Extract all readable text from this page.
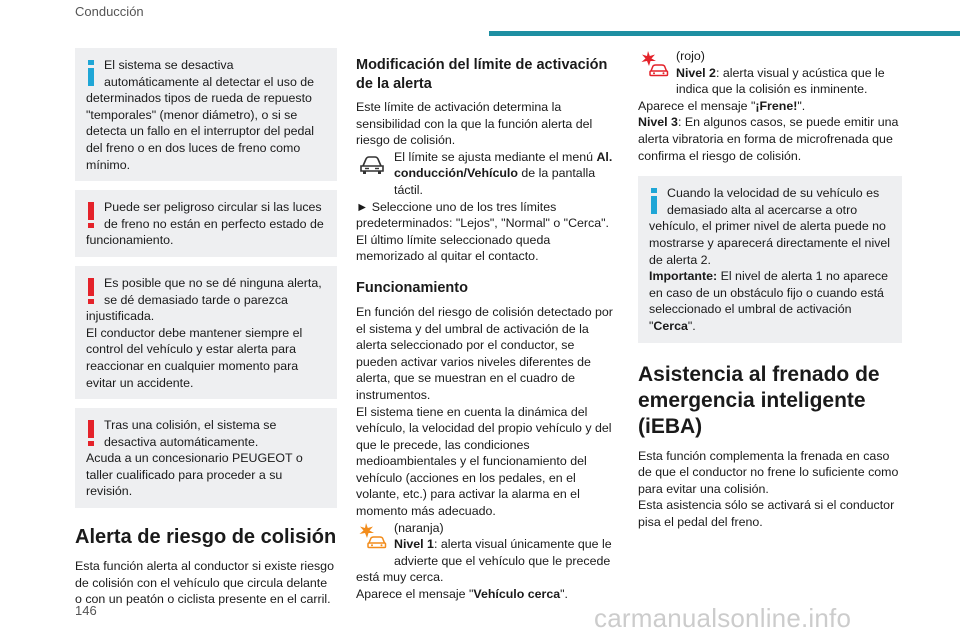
Conducción

El sistema se desactiva automáticamente al detectar el uso de determinados tipos de rueda de repuesto "temporales" (menor diámetro), o si se detecta un fallo en el interruptor del pedal del freno o en dos luces de freno como mínimo.

Puede ser peligroso circular si las luces de freno no están en perfecto estado de funcionamiento.

Es posible que no se dé ninguna alerta, se dé demasiado tarde o parezca injustificada.

El conductor debe mantener siempre el control del vehículo y estar alerta para reaccionar en cualquier momento para evitar un accidente.

Tras una colisión, el sistema se desactiva automáticamente.

Acuda a un concesionario PEUGEOT o taller cualificado para proceder a su revisión.

Alerta de riesgo de colisión

Esta función alerta al conductor si existe riesgo de colisión con el vehículo que circula delante o con un peatón o ciclista presente en el carril.

Modificación del límite de activación de la alerta

Este límite de activación determina la sensibilidad con la que la función alerta del riesgo de colisión.

El límite se ajusta mediante el menú Al. conducción/Vehículo de la pantalla táctil.

► Seleccione uno de los tres límites predeterminados: "Lejos", "Normal" o "Cerca".

El último límite seleccionado queda memorizado al quitar el contacto.

Funcionamiento

En función del riesgo de colisión detectado por el sistema y del umbral de activación de la alerta seleccionado por el conductor, se pueden activar varios niveles diferentes de alerta, que se muestran en el cuadro de instrumentos.

El sistema tiene en cuenta la dinámica del vehículo, la velocidad del propio vehículo y del que le precede, las condiciones medioambientales y el funcionamiento del vehículo (acciones en los pedales, en el volante, etc.) para activar la alarma en el momento más adecuado.

(naranja)

Nivel 1: alerta visual únicamente que le advierte que el vehículo que le precede está muy cerca.

Aparece el mensaje "Vehículo cerca".

(rojo)

Nivel 2: alerta visual y acústica que le indica que la colisión es inminente.

Aparece el mensaje "¡Frene!".

Nivel 3: En algunos casos, se puede emitir una alerta vibratoria en forma de microfrenada que confirma el riesgo de colisión.

Cuando la velocidad de su vehículo es demasiado alta al acercarse a otro vehículo, el primer nivel de alerta puede no mostrarse y aparecerá directamente el nivel de alerta 2.

Importante: El nivel de alerta 1 no aparece en caso de un obstáculo fijo o cuando está seleccionado el umbral de activación "Cerca".

Asistencia al frenado de emergencia inteligente (iEBA)

Esta función complementa la frenada en caso de que el conductor no frene lo suficiente como para evitar una colisión.

Esta asistencia sólo se activará si el conductor pisa el pedal del freno.

146	carmanualsonline.info
